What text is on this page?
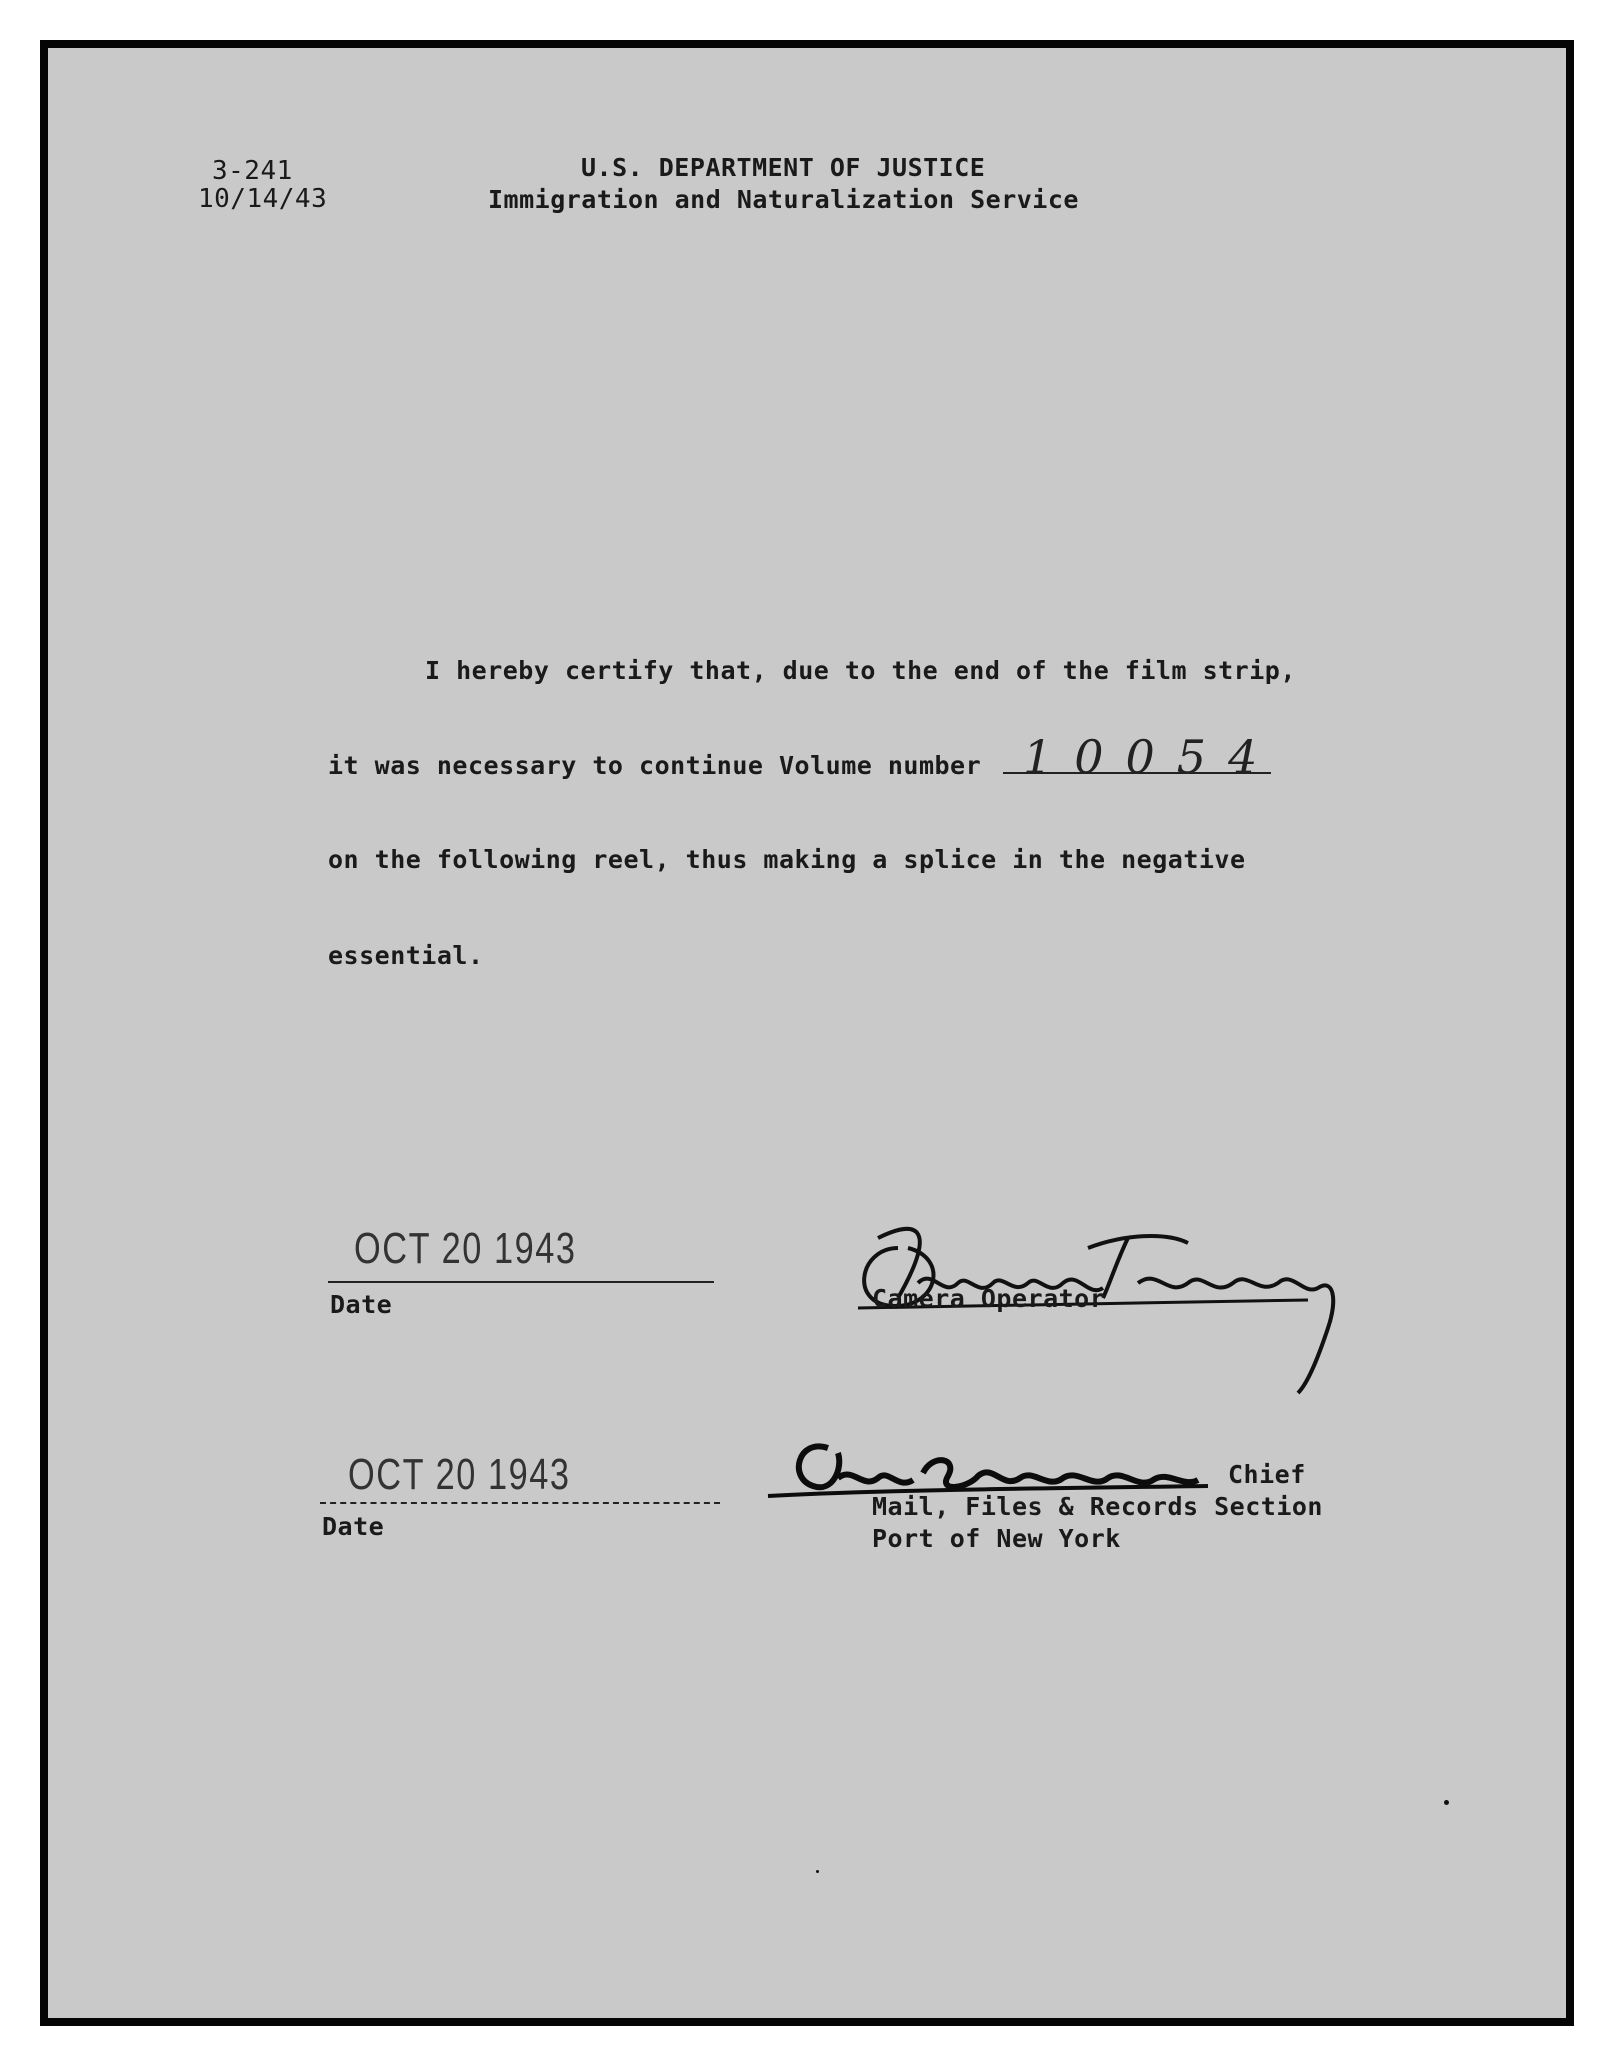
3-241
10/14/43
U.S. DEPARTMENT OF JUSTICE
Immigration and Naturalization Service
I hereby certify that, due to the end of the film strip,
it was necessary to continue Volume number 10054
on the following reel, thus making a splice in the negative
essential.
OCT 20 1943
Date	Camera Operator
OCT 20 1943
Date
Chief
Mail, Files & Records Section
Port of New York
